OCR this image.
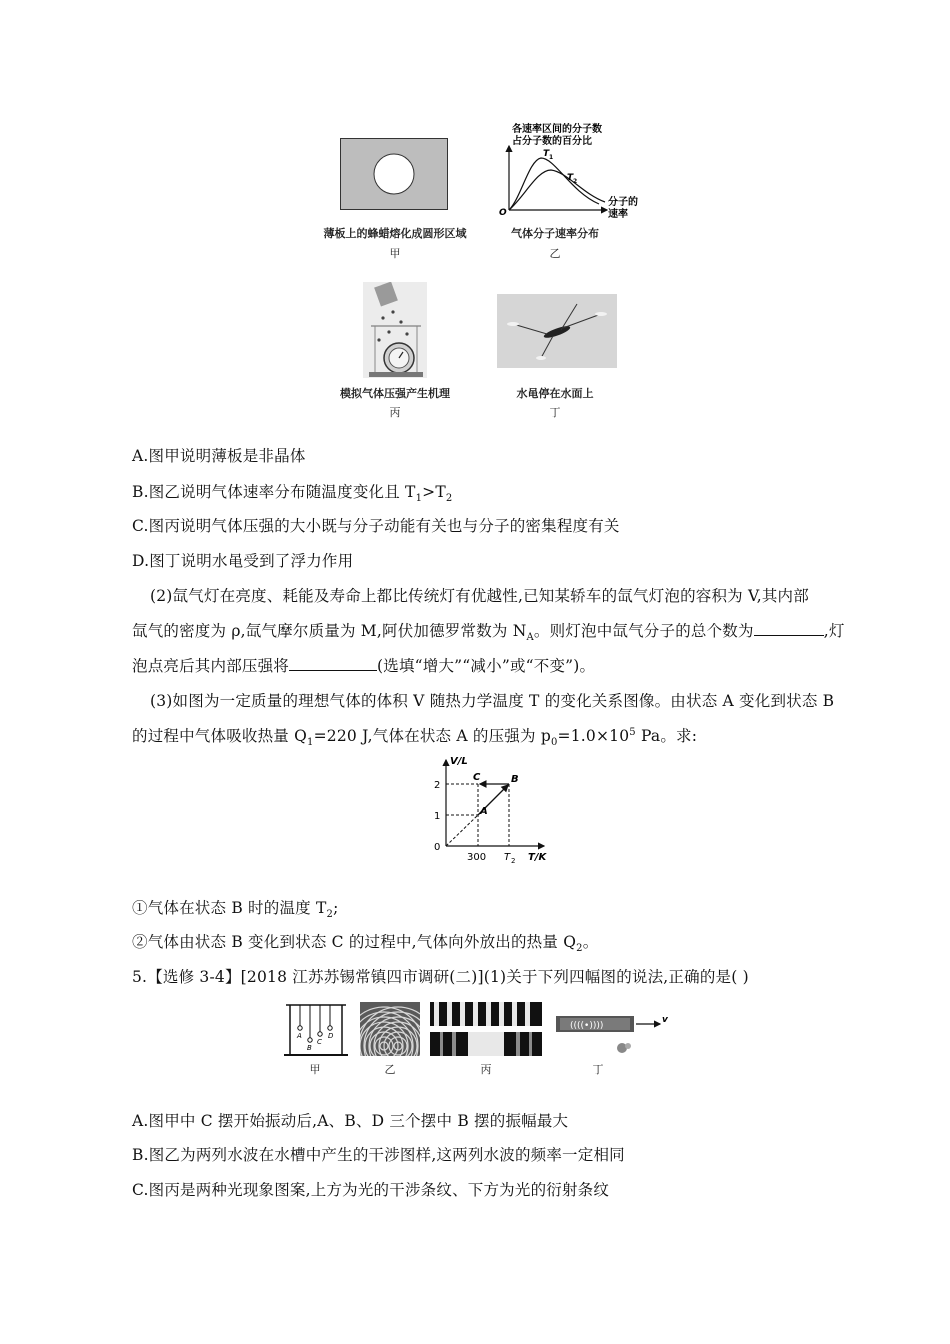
薄板上的蜂蜡熔化成圆形区域
甲
各速率区间的分子数
占分子数的百分比
O
T 1
T 2
分子的
速率
气体分子速率分布
乙
模拟气体压强产生机理
丙
水黾停在水面上
丁
A.图甲说明薄板是非晶体
B.图乙说明气体速率分布随温度变化且 $T_1>T_2$
C.图丙说明气体压强的大小既与分子动能有关也与分子的密集程度有关
D.图丁说明水黾受到了浮力作用
(2)氙气灯在亮度、耗能及寿命上都比传统灯有优越性,已知某轿车的氙气灯泡的容积为 V,其内部
氙气的密度为 ρ,氙气摩尔质量为 M,阿伏加德罗常数为 $N_A$。则灯泡中氙气分子的总个数为	,灯
泡点亮后其内部压强将	(选填“增大”“减小”或“不变”)。
(3)如图为一定质量的理想气体的体积 V 随热力学温度 T 的变化关系图像。由状态 A 变化到状态 B
的过程中气体吸收热量 $Q_1=220$ J,气体在状态 A 的压强为 $p_0=1.0\times 10^5$ Pa。求:
V/L
2
1
0
300 T 2 T/K
A
B
C
①气体在状态 B 时的温度 $T_2$;
②气体由状态 B 变化到状态 C 的过程中,气体向外放出的热量 $Q_2$。
5.【选修 3-4】[2018 江苏苏锡常镇四市调研(二)](1)关于下列四幅图的说法,正确的是( )
A
B
C
D
((((•))))
v
甲	乙	丙	丁
A.图甲中 C 摆开始振动后,A、B、D 三个摆中 B 摆的振幅最大
B.图乙为两列水波在水槽中产生的干涉图样,这两列水波的频率一定相同
C.图丙是两种光现象图案,上方为光的干涉条纹、下方为光的衍射条纹
